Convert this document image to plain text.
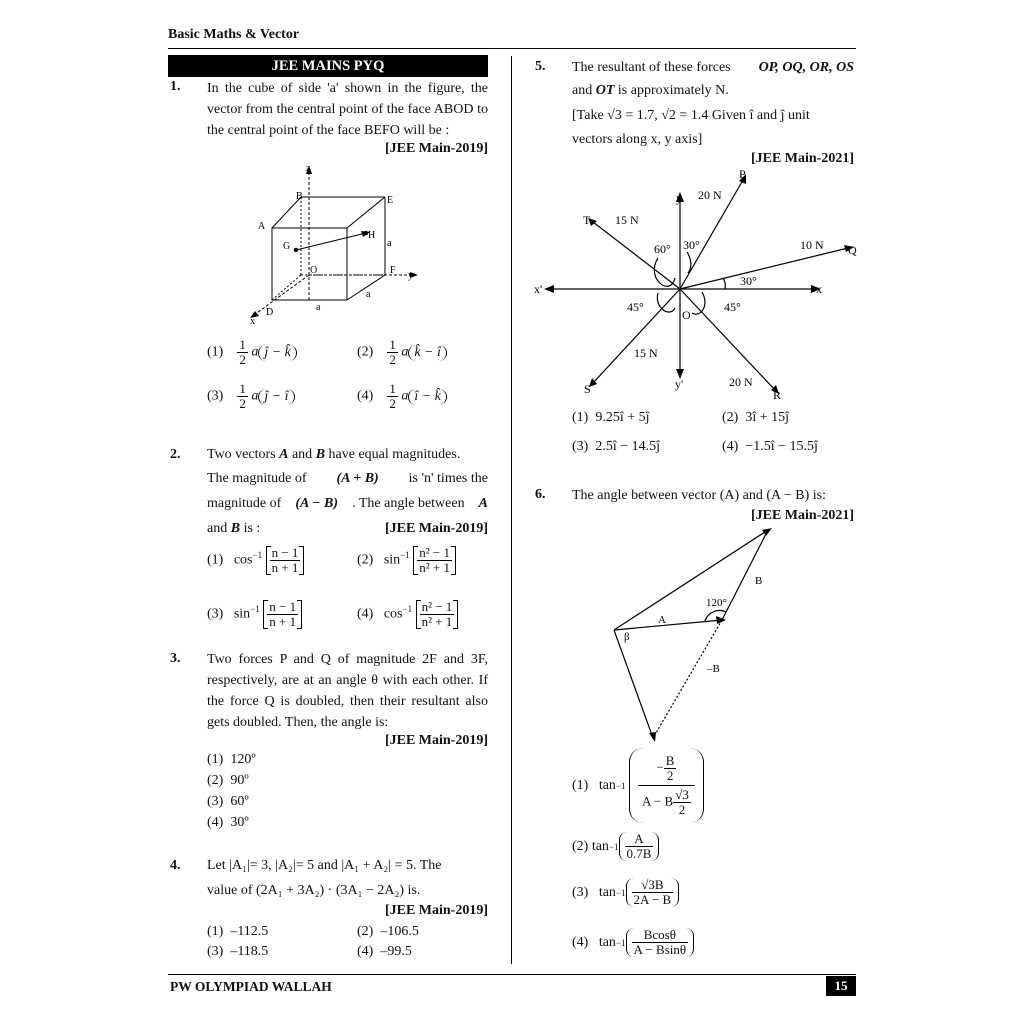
Basic Maths & Vector
PW OLYMPIAD WALLAH	15
JEE MAINS PYQ
1. In the cube of side 'a' shown in the figure, the vector from the central point of the face ABOD to the central point of the face BEFO will be :
[JEE Main-2019]
z
B	E
A
G
H
a
O	F y
D	a
a
x
$(1) \frac{1}{2}$ a ĵ − k̂	$(2) \frac{1}{2}$ a k̂ − î
$(3) \frac{1}{2}$ a ĵ − î	$(4) \frac{1}{2}$ a î − k̂
2. Two vectors A and B have equal magnitudes.
The magnitude of (A + B) is 'n' times the
magnitude of (A − B) . The angle between A
and B is :	[JEE Main-2019]
(1) $\cos^{-1} \frac{n - 1}{n + 1}$	(2) $\sin^{-1} \frac{\text{n² − 1}}{\text{n² + 1}}$
(3) $\sin^{-1} \frac{n - 1}{n + 1}$	(4) $\cos^{-1} \frac{\text{n² − 1}}{\text{n² + 1}}$
3. Two forces P and Q of magnitude 2F and 3F, respectively, are at an angle θ with each other. If the force Q is doubled, then their resultant also gets doubled. Then, the angle is:
[JEE Main-2019]
(1) 120º
(2) 90º
(3) 60º
(4) 30º
4. Let |A₁|= 3, |A₂|= 5 and |A₁ + A₂| = 5. The
value of (2A₁ + 3A₂) · (3A₁ − 2A₂) is.
[JEE Main-2019]
(1) –112.5	(2) –106.5
(3) –118.5	(4) –99.5
5. The resultant of these forces OP, OQ, OR, OS
and OT is approximately N.
[Take √3 = 1.7, √2 = 1.4 Given î and ĵ unit
vectors along x, y axis]
[JEE Main-2021]
P
20 N
y
T 15 N
10 N Q
60° 30°
30°
x'	x
45°	45°
O
15 N
S	y'	20 N
R
(1) 9.25î + 5ĵ	(2) 3î + 15ĵ
(3) 2.5î − 14.5ĵ	(4) −1.5î − 15.5ĵ
6. The angle between vector (A) and (A − B) is:
[JEE Main-2021]
B
120°
A
β
–B
(1)
tan −1
$\frac{- \frac{B}{2}}{A - B \frac{√3}{2}}$
(2)
$\tan -1 \frac{A}{0.7B}$
(3)
$\tan -1 \frac{√3B}{2A - B}$
(4)
$\tan -1 \frac{Bcos\theta}{A - Bsin\theta}$
